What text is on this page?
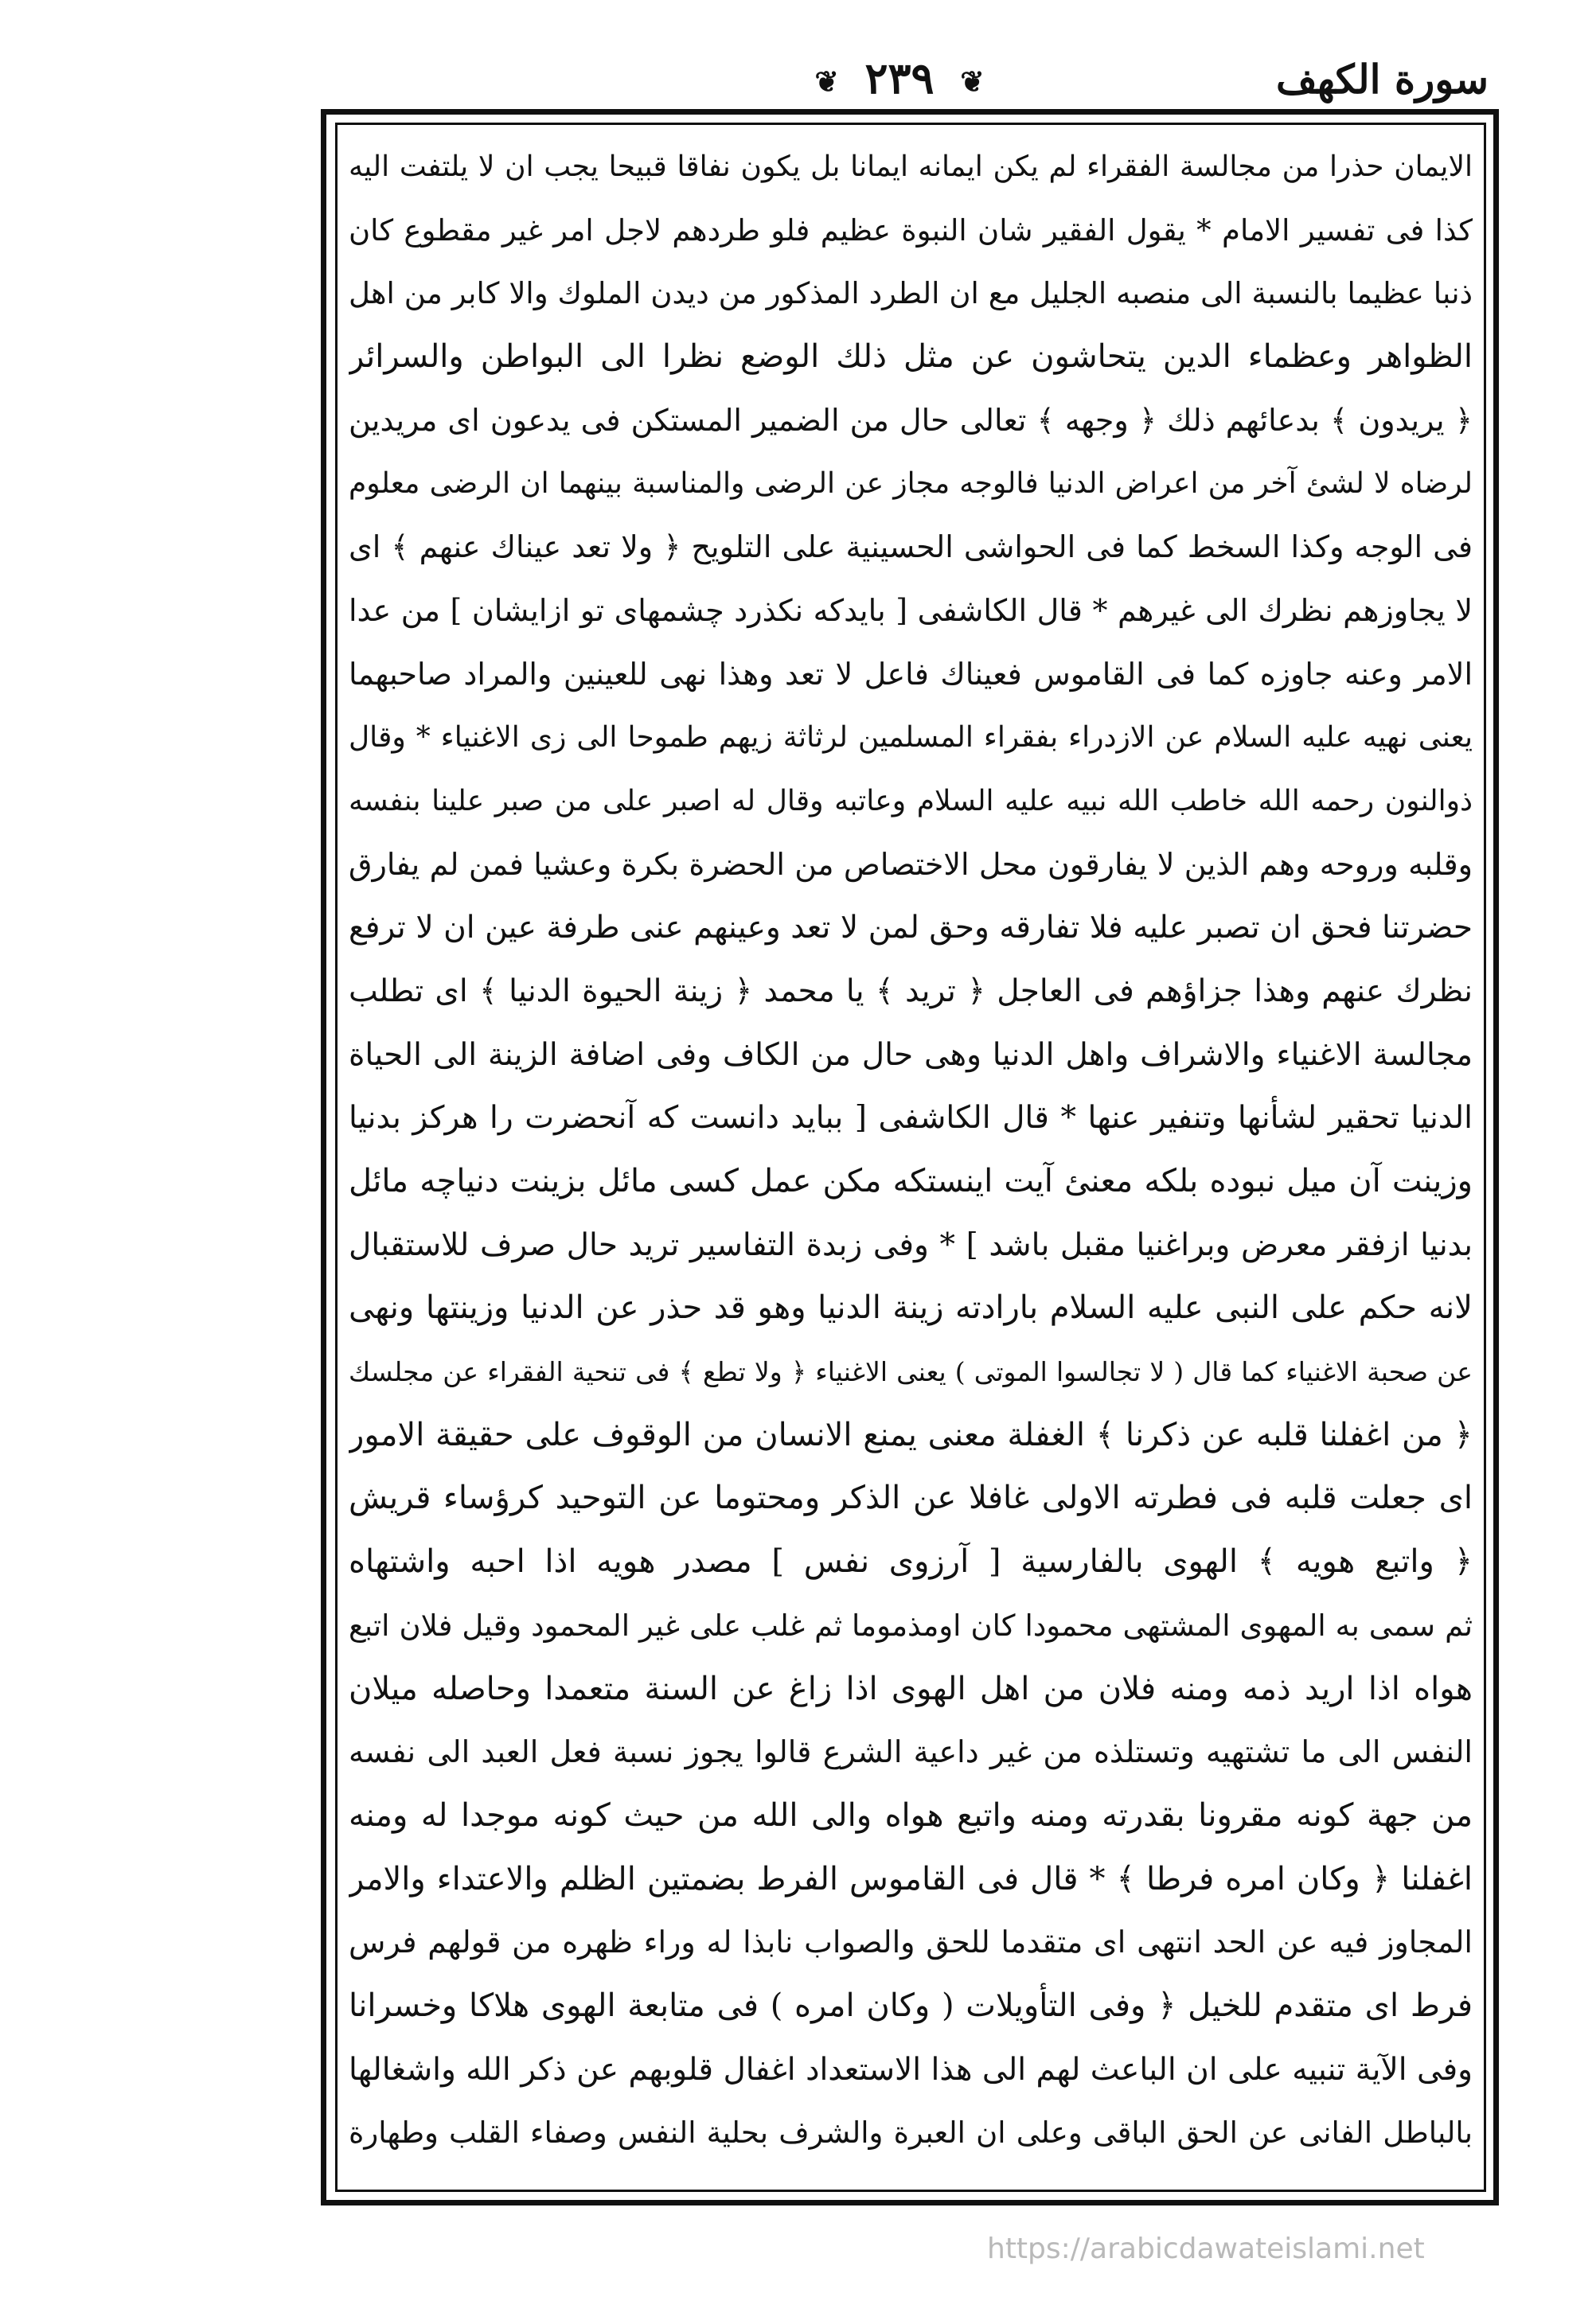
سورة الكهف
❦ ٢٣٩ ❦
الايمان حذرا من مجالسة الفقراء لم يكن ايمانه ايمانا بل يكون نفاقا قبيحا يجب ان لا يلتفت اليه
كذا فى تفسير الامام * يقول الفقير شان النبوة عظيم فلو طردهم لاجل امر غير مقطوع كان
ذنبا عظيما بالنسبة الى منصبه الجليل مع ان الطرد المذكور من ديدن الملوك والا كابر من اهل
الظواهر وعظماء الدين يتحاشون عن مثل ذلك الوضع نظرا الى البواطن والسرائر
﴿ يريدون ﴾ بدعائهم ذلك ﴿ وجهه ﴾ تعالى حال من الضمير المستكن فى يدعون اى مريدين
لرضاه لا لشئ آخر من اعراض الدنيا فالوجه مجاز عن الرضى والمناسبة بينهما ان الرضى معلوم
فى الوجه وكذا السخط كما فى الحواشى الحسينية على التلويح ﴿ ولا تعد عيناك عنهم ﴾ اى
لا يجاوزهم نظرك الى غيرهم * قال الكاشفى [ بايدكه نكذرد چشمهاى تو ازايشان ] من عدا
الامر وعنه جاوزه كما فى القاموس فعيناك فاعل لا تعد وهذا نهى للعينين والمراد صاحبهما
يعنى نهيه عليه السلام عن الازدراء بفقراء المسلمين لرثاثة زيهم طموحا الى زى الاغنياء * وقال
ذوالنون رحمه الله خاطب الله نبيه عليه السلام وعاتبه وقال له اصبر على من صبر علينا بنفسه
وقلبه وروحه وهم الذين لا يفارقون محل الاختصاص من الحضرة بكرة وعشيا فمن لم يفارق
حضرتنا فحق ان تصبر عليه فلا تفارقه وحق لمن لا تعد وعينهم عنى طرفة عين ان لا ترفع
نظرك عنهم وهذا جزاؤهم فى العاجل ﴿ تريد ﴾ يا محمد ﴿ زينة الحيوة الدنيا ﴾ اى تطلب
مجالسة الاغنياء والاشراف واهل الدنيا وهى حال من الكاف وفى اضافة الزينة الى الحياة
الدنيا تحقير لشأنها وتنفير عنها * قال الكاشفى [ ببايد دانست كه آنحضرت را هركز بدنيا
وزينت آن ميل نبوده بلكه معنئ آيت اينستكه مكن عمل كسى مائل بزينت دنياچه مائل
بدنيا ازفقر معرض وبراغنيا مقبل باشد ] * وفى زبدة التفاسير تريد حال صرف للاستقبال
لانه حكم على النبى عليه السلام بارادته زينة الدنيا وهو قد حذر عن الدنيا وزينتها ونهى
عن صحبة الاغنياء كما قال ( لا تجالسوا الموتى ) يعنى الاغنياء ﴿ ولا تطع ﴾ فى تنحية الفقراء عن مجلسك
﴿ من اغفلنا قلبه عن ذكرنا ﴾ الغفلة معنى يمنع الانسان من الوقوف على حقيقة الامور
اى جعلت قلبه فى فطرته الاولى غافلا عن الذكر ومحتوما عن التوحيد كرؤساء قريش
﴿ واتبع هويه ﴾ الهوى بالفارسية [ آرزوى نفس ] مصدر هويه اذا احبه واشتهاه
ثم سمى به المهوى المشتهى محمودا كان اومذموما ثم غلب على غير المحمود وقيل فلان اتبع
هواه اذا اريد ذمه ومنه فلان من اهل الهوى اذا زاغ عن السنة متعمدا وحاصله ميلان
النفس الى ما تشتهيه وتستلذه من غير داعية الشرع قالوا يجوز نسبة فعل العبد الى نفسه
من جهة كونه مقرونا بقدرته ومنه واتبع هواه والى الله من حيث كونه موجدا له ومنه
اغفلنا ﴿ وكان امره فرطا ﴾ * قال فى القاموس الفرط بضمتين الظلم والاعتداء والامر
المجاوز فيه عن الحد انتهى اى متقدما للحق والصواب نابذا له وراء ظهره من قولهم فرس
فرط اى متقدم للخيل ﴿ وفى التأويلات ( وكان امره ) فى متابعة الهوى هلاكا وخسرانا
وفى الآية تنبيه على ان الباعث لهم الى هذا الاستعداد اغفال قلوبهم عن ذكر الله واشغالها
بالباطل الفانى عن الحق الباقى وعلى ان العبرة والشرف بحلية النفس وصفاء القلب وطهارة
https://arabicdawateislami.net
